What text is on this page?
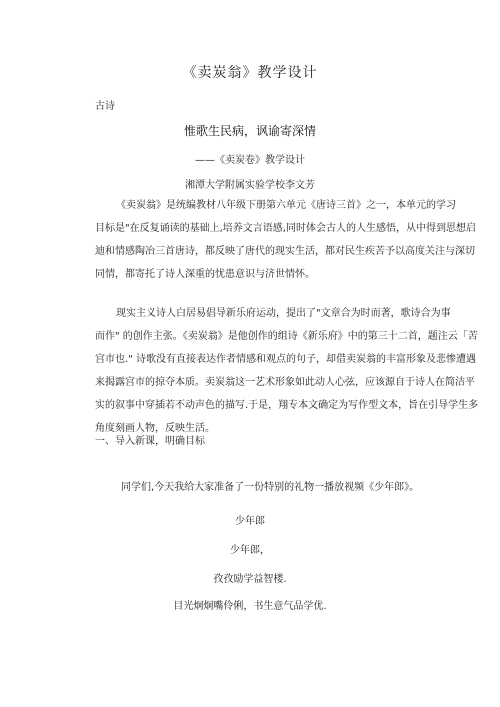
《卖炭翁》教学设计
古诗
惟歌生民病，讽谕寄深情
——《卖炭卷》教学设计
湘潭大学附属实验学校李文芳
《卖炭翁》是统编教材八年级下册第六单元《唐诗三首》之一，本单元的学习
目标是"在反复诵读的基础上,培养文言语感,同时体会古人的人生感悟，从中得到思想启
迪和情感陶冶三首唐诗，都反映了唐代的现实生活，都对民生疾苦予以高度关注与深切
同情，都寄托了诗人深重的忧患意识与济世情怀。
现实主义诗人白居易倡导新乐府运动，提出了"文章合为时而著，歌诗合为事
而作" 的创作主张。《卖炭翁》是他创作的组诗《新乐府》中的第三十二首，题注云「苦
宫市也." 诗歌没有直接表达作者情感和观点的句子，却借卖炭翁的丰富形象及悲惨遭遇
来揭露宫市的掠夺本质。卖炭翁这一艺术形象如此动人心弦，应该源自于诗人在简洁平
实的叙事中穿插若不动声色的描写.于是，翔专本文确定为写作型文本，旨在引导学生多
角度刻画人物，反映生活。
一、导入新课，明确目标
同学们,今天我给大家准备了一份特别的礼物一播放视频《少年郎》。
少年郎
少年郎，
孜孜励学益智楼.
目光炯炯嘴伶俐，书生意气品学优.
